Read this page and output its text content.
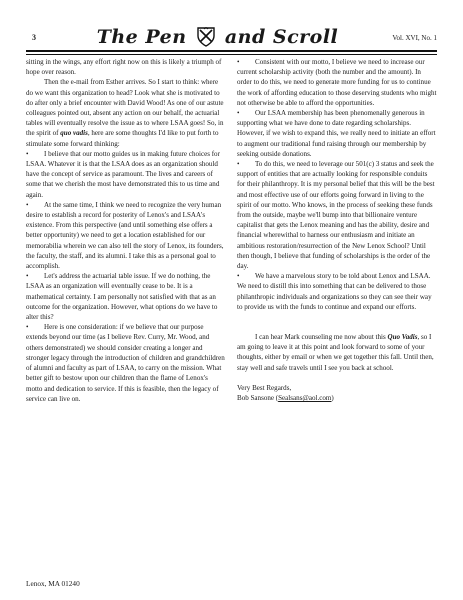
3	The Pen and Scroll	Vol. XVI, No. 1

sitting in the wings, any effort right now on this is likely a triumph of hope over reason.

Then the e-mail from Esther arrives. So I start to think: where do we want this organization to head? Look what she is motivated to do after only a brief encounter with David Wood! As one of our astute colleagues pointed out, absent any action on our behalf, the actuarial tables will eventually resolve the issue as to where LSAA goes! So, in the spirit of quo vadis, here are some thoughts I'd like to put forth to stimulate some forward thinking:

• I believe that our motto guides us in making future choices for LSAA. Whatever it is that the LSAA does as an organization should have the concept of service as paramount. The lives and careers of some that we cherish the most have demonstrated this to us time and again.

• At the same time, I think we need to recognize the very human desire to establish a record for posterity of Lenox's and LSAA's existence. From this perspective (and until something else offers a better opportunity) we need to get a location established for our memorabilia wherein we can also tell the story of Lenox, its founders, the faculty, the staff, and its alumni. I take this as a personal goal to accomplish.

• Let's address the actuarial table issue. If we do nothing, the LSAA as an organization will eventually cease to be. It is a mathematical certainty. I am personally not satisfied with that as an outcome for the organization. However, what options do we have to alter this?

• Here is one consideration: if we believe that our purpose extends beyond our time (as I believe Rev. Curry, Mr. Wood, and others demonstrated) we should consider creating a longer and stronger legacy through the introduction of children and grandchildren of alumni and faculty as part of LSAA, to carry on the mission. What better gift to bestow upon our children than the flame of Lenox's motto and dedication to service. If this is feasible, then the legacy of service can live on.

• Consistent with our motto, I believe we need to increase our current scholarship activity (both the number and the amount). In order to do this, we need to generate more funding for us to continue the work of affording education to those deserving students who might not otherwise be able to afford the opportunities.

• Our LSAA membership has been phenomenally generous in supporting what we have done to date regarding scholarships. However, if we wish to expand this, we really need to initiate an effort to augment our traditional fund raising through our membership by seeking outside donations.

• To do this, we need to leverage our 501(c) 3 status and seek the support of entities that are actually looking for responsible conduits for their philanthropy. It is my personal belief that this will be the best and most effective use of our efforts going forward in living to the spirit of our motto. Who knows, in the process of seeking these funds from the outside, maybe we'll bump into that billionaire venture capitalist that gets the Lenox meaning and has the ability, desire and financial wherewithal to harness our enthusiasm and initiate an ambitious restoration/resurrection of the New Lenox School? Until then though, I believe that funding of scholarships is the order of the day.

• We have a marvelous story to be told about Lenox and LSAA. We need to distill this into something that can be delivered to those philanthropic individuals and organizations so they can see their way to provide us with the funds to continue and expand our efforts.

I can hear Mark counseling me now about this Quo Vadis, so I am going to leave it at this point and look forward to some of your thoughts, either by email or when we get together this fall. Until then, stay well and safe travels until I see you back at school.

Very Best Regards,

Bob Sansone (Sealsans@aol.com)

Lenox, MA 01240
